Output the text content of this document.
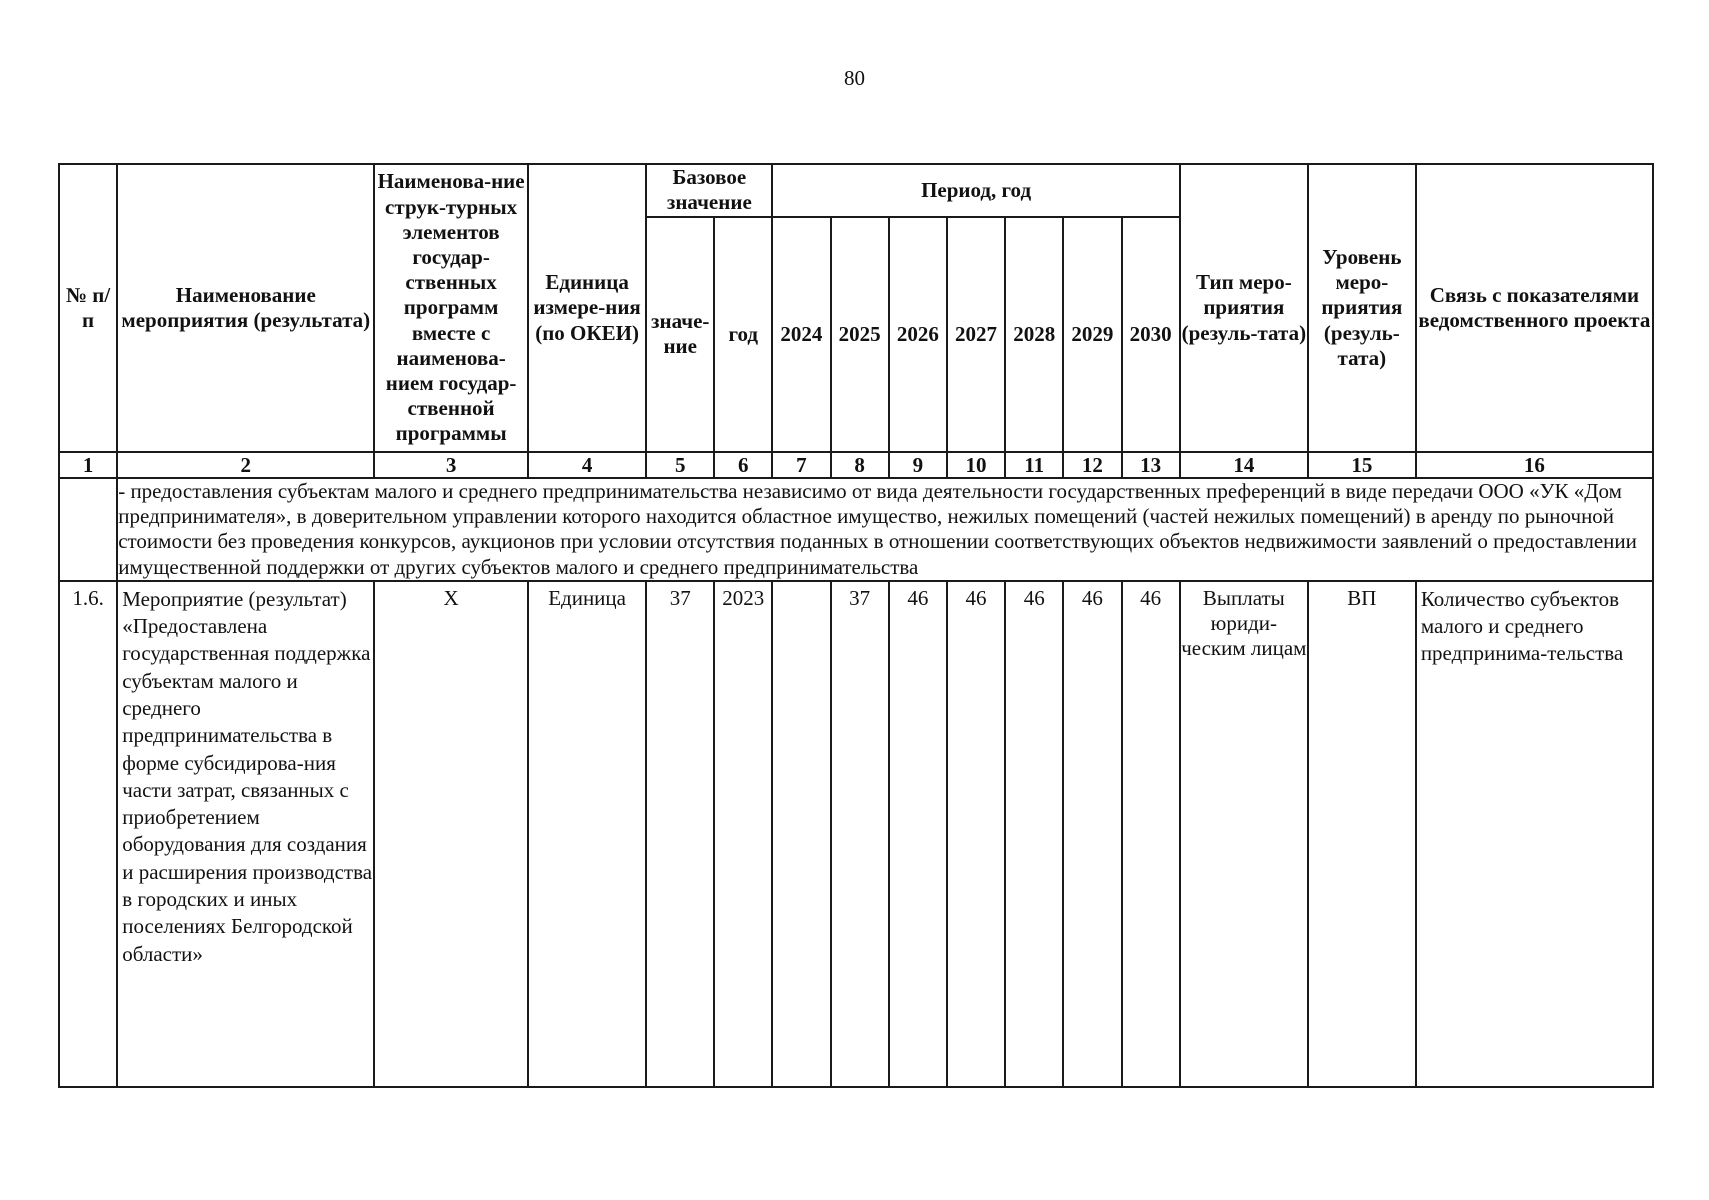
80
№ п/п	Наименование мероприятия (результата)	Наименова-ние струк-турных элементов государ-ственных программ вместе с наименова-нием государ-ственной программы	Единица измере-ния (по ОКЕИ)	Базовое значение		Период, год							Тип меро-приятия (резуль-тата)	Уровень меро-приятия (резуль-тата)	Связь с показателями ведомственного проекта
				значе-ние	год	2024	2025	2026	2027	2028	2029	2030			
1	2	3	4	5	6	7	8	9	10	11	12	13	14	15	16
	- предоставления субъектам малого и среднего предпринимательства независимо от вида деятельности государственных преференций в виде передачи ООО «УК «Дом предпринимателя», в доверительном управлении которого находится областное имущество, нежилых помещений (частей нежилых помещений) в аренду по рыночной стоимости без проведения конкурсов, аукционов при условии отсутствия поданных в отношении соответствующих объектов недвижимости заявлений о предоставлении имущественной поддержки от других субъектов малого и среднего предпринимательства														
1.6.	Мероприятие (результат) «Предоставлена государственная поддержка субъектам малого и среднего предпринимательства в форме субсидирова-ния части затрат, связанных с приобретением оборудования для создания и расширения производства в городских и иных поселениях Белгородской области»	Х	Единица	37	2023		37	46	46	46	46	46	Выплаты юриди-ческим лицам	ВП	Количество субъектов малого и среднего предпринима-тельства
